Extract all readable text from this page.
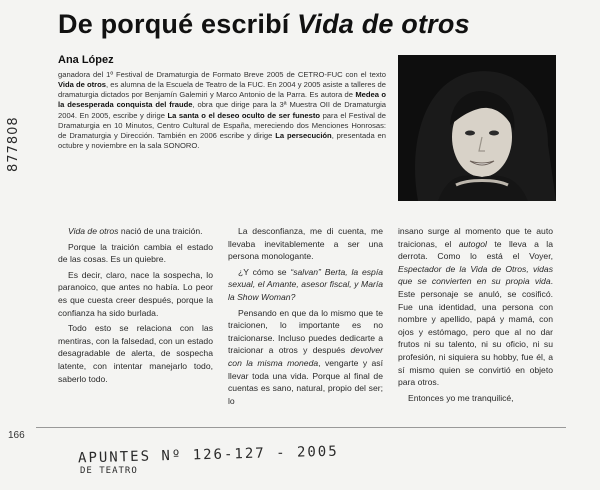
De porqué escribí Vida de otros
Ana López
ganadora del 1º Festival de Dramaturgia de Formato Breve 2005 de CETRO-FUC con el texto Vida de otros, es alumna de la Escuela de Teatro de la FUC. En 2004 y 2005 asiste a talleres de dramaturgia dictados por Benjamín Galemiri y Marco Antonio de la Parra. Es autora de Medea o la desesperada conquista del fraude, obra que dirige para la 3ª Muestra OII de Dramaturgia 2004. En 2005, escribe y dirige La santa o el deseo oculto de ser funesto para el Festival de Dramaturgia en 10 Minutos, Centro Cultural de España, mereciendo dos Menciones Honrosas: de Dramaturgia y Dirección. También en 2006 escribe y dirige La persecución, presentada en octubre y noviembre en la sala SONORO.
877808

Vida de otros nació de una traición.

Porque la traición cambia el estado de las cosas. Es un quiebre.

Es decir, claro, nace la sospecha, lo paranoico, que antes no había. Lo peor es que cuesta creer después, porque la confianza ha sido burlada.

Todo esto se relaciona con las mentiras, con la falsedad, con un estado desagradable de alerta, de sospecha latente, con intentar manejarlo todo, saberlo todo.

La desconfianza, me di cuenta, me llevaba inevitablemente a ser una persona monologante.

¿Y cómo se “salvan” Berta, la espía sexual, el Amante, asesor fiscal, y María la Show Woman?

Pensando en que da lo mismo que te traicionen, lo importante es no traicionarse. Incluso puedes dedicarte a traicionar a otros y después devolver con la misma moneda, vengarte y así llevar toda una vida. Porque al final de cuentas es sano, natural, propio del ser; lo

insano surge al momento que te auto traicionas, el autogol te lleva a la derrota. Como lo está el Voyer, Espectador de la Vida de Otros, vidas que se convierten en su propia vida. Este personaje se anuló, se cosificó. Fue una identidad, una persona con nombre y apellido, papá y mamá, con ojos y estómago, pero que al no dar frutos ni su talento, ni su oficio, ni su profesión, ni siquiera su hobby, fue él, a sí mismo quien se convirtió en objeto para otros.

Entonces yo me tranquilicé,

166
APUNTES Nº 126-127 - 2005
DE TEATRO
